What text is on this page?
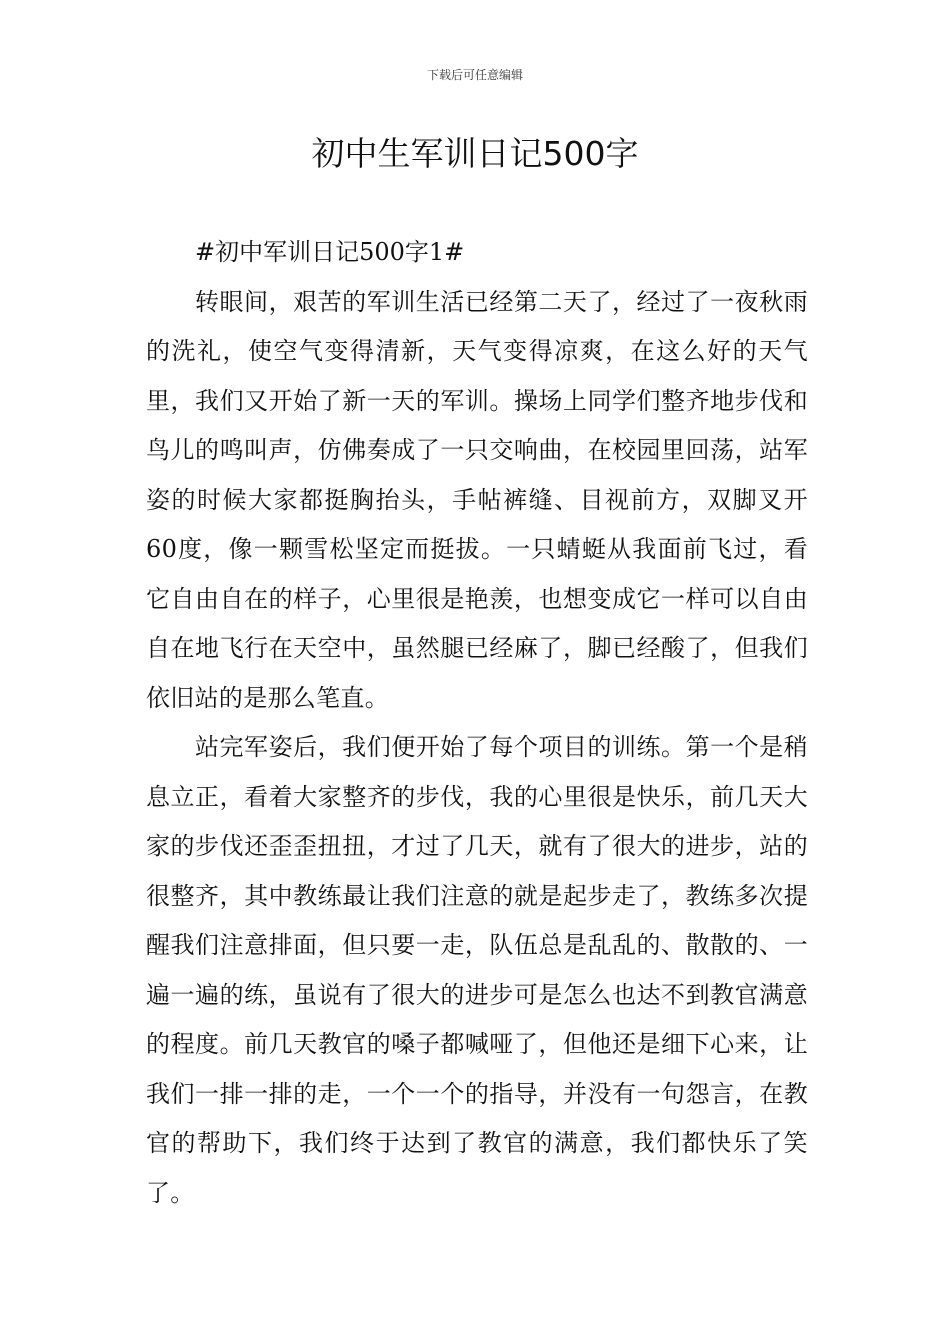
下载后可任意编辑
初中生军训日记500字

#初中军训日记500字1#

转眼间，艰苦的军训生活已经第二天了，经过了一夜秋雨的洗礼，使空气变得清新，天气变得凉爽，在这么好的天气里，我们又开始了新一天的军训。操场上同学们整齐地步伐和鸟儿的鸣叫声，仿佛奏成了一只交响曲，在校园里回荡，站军姿的时候大家都挺胸抬头，手帖裤缝、目视前方，双脚叉开60度，像一颗雪松坚定而挺拔。一只蜻蜓从我面前飞过，看它自由自在的样子，心里很是艳羡，也想变成它一样可以自由自在地飞行在天空中，虽然腿已经麻了，脚已经酸了，但我们依旧站的是那么笔直。

站完军姿后，我们便开始了每个项目的训练。第一个是稍息立正，看着大家整齐的步伐，我的心里很是快乐，前几天大家的步伐还歪歪扭扭，才过了几天，就有了很大的进步，站的很整齐，其中教练最让我们注意的就是起步走了，教练多次提醒我们注意排面，但只要一走，队伍总是乱乱的、散散的、一遍一遍的练，虽说有了很大的进步可是怎么也达不到教官满意的程度。前几天教官的嗓子都喊哑了，但他还是细下心来，让我们一排一排的走，一个一个的指导，并没有一句怨言，在教官的帮助下，我们终于达到了教官的满意，我们都快乐了笑了。
